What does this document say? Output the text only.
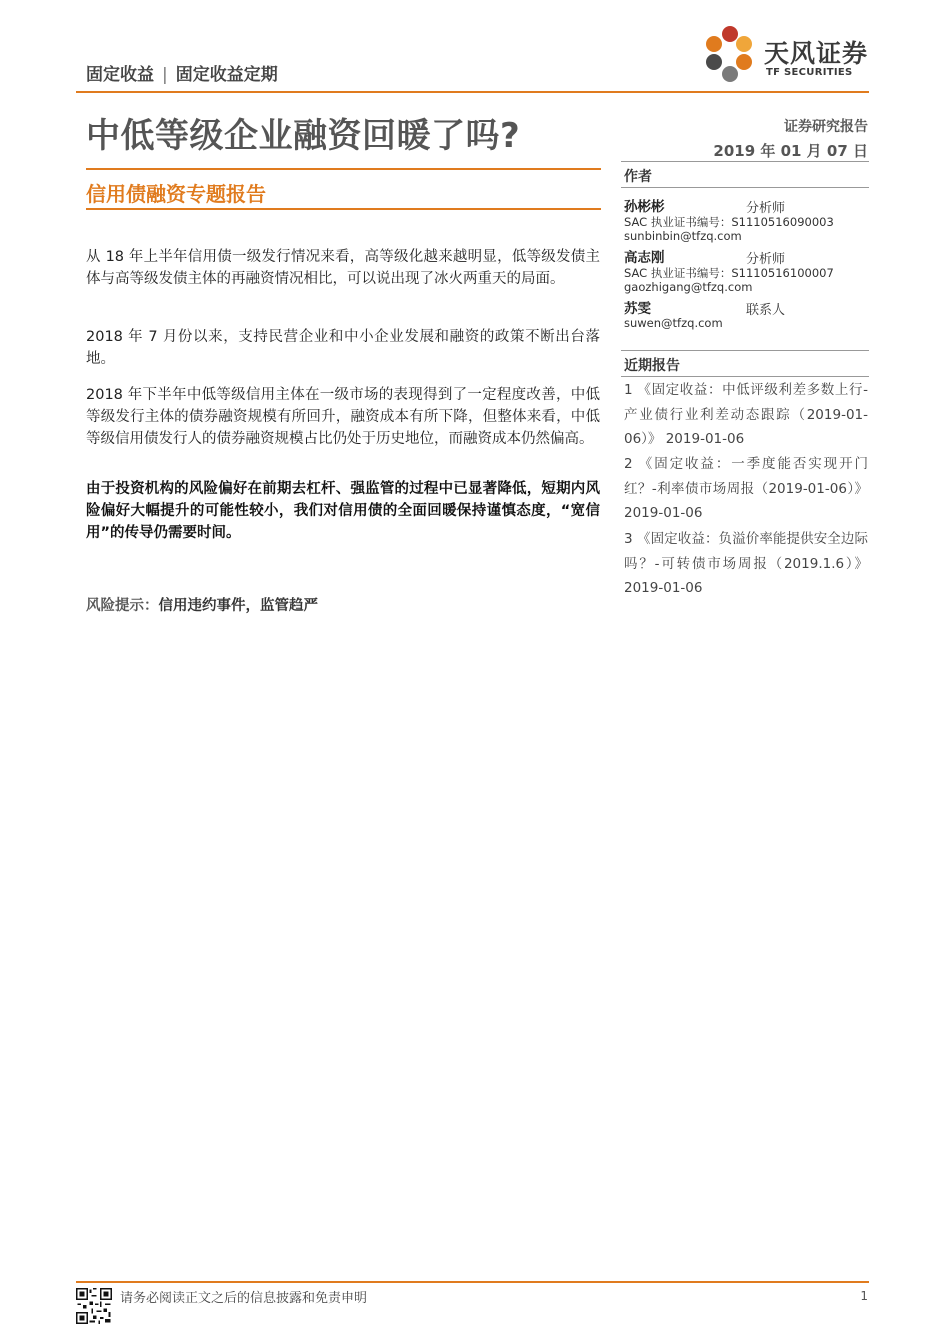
固定收益 | 固定收益定期
天风证券
TF SECURITIES
中低等级企业融资回暖了吗?	证券研究报告
2019 年 01 月 07 日
信用债融资专题报告
从 18 年上半年信用债一级发行情况来看，高等级化越来越明显，低等级发债主体与高等级发债主体的再融资情况相比，可以说出现了冰火两重天的局面。
2018 年 7 月份以来，支持民营企业和中小企业发展和融资的政策不断出台落地。
2018 年下半年中低等级信用主体在一级市场的表现得到了一定程度改善，中低等级发行主体的债券融资规模有所回升，融资成本有所下降，但整体来看，中低等级信用债发行人的债券融资规模占比仍处于历史地位，而融资成本仍然偏高。
由于投资机构的风险偏好在前期去杠杆、强监管的过程中已显著降低，短期内风险偏好大幅提升的可能性较小，我们对信用债的全面回暖保持谨慎态度，“宽信用”的传导仍需要时间。
风险提示：信用违约事件，监管趋严
作者
孙彬彬	分析师
SAC 执业证书编号：S1110516090003
sunbinbin@tfzq.com
高志刚	分析师
SAC 执业证书编号：S1110516100007
gaozhigang@tfzq.com
苏雯	联系人
suwen@tfzq.com
近期报告
1 《固定收益：中低评级利差多数上行-产业债行业利差动态跟踪（2019-01-06）》 2019-01-06
2 《固定收益：一季度能否实现开门红？-利率债市场周报（2019-01-06）》 2019-01-06
3 《固定收益：负溢价率能提供安全边际吗？-可转债市场周报（2019.1.6）》 2019-01-06
请务必阅读正文之后的信息披露和免责申明	1
